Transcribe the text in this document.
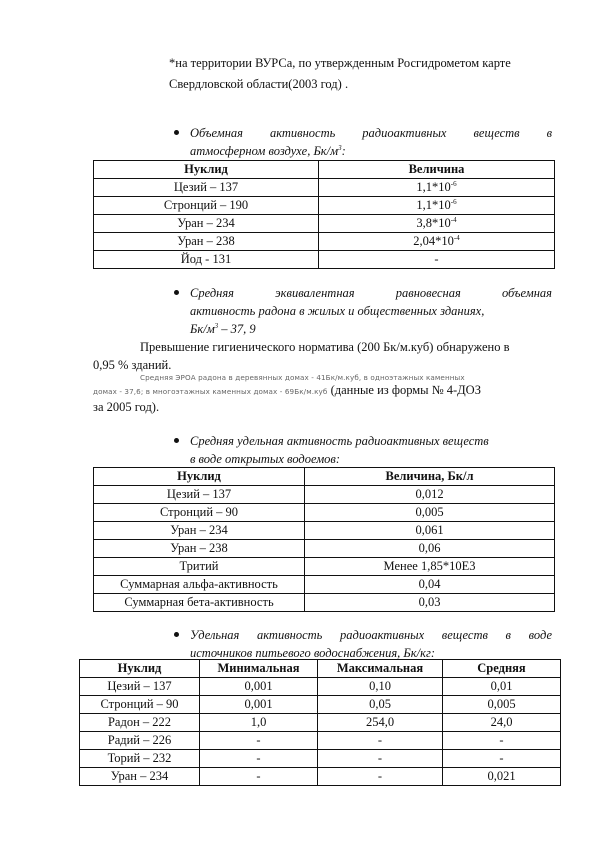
*на территории ВУРСа, по утвержденным Росгидрометом карте
Свердловской области(2003 год) .
Объемная активность радиоактивных веществ в
атмосферном воздухе, $Бк/м^3$:
Нуклид	Величина
Цезий – 137	$1,1*10^{-6}$
Стронций – 190	$1,1*10^{-6}$
Уран – 234	$3,8*10^{-4}$
Уран – 238	$2,04*10^{-4}$
Йод - 131	-
Средняя	эквивалентная	равновесная	объемная
активность радона в жилых и общественных зданиях,
$Бк/м^3 - 37$, 9
Превышение гигиенического норматива (200 Бк/м.куб) обнаружено в
0,95 % зданий.
Средняя ЭРОА радона в деревянных домах - 41Бк/м.куб, в одноэтажных каменных
домах - 37,6; в многоэтажных каменных домах - 69Бк/м.куб (данные из формы № 4-ДОЗ
за 2005 год).
Средняя удельная активность радиоактивных веществ
в воде открытых водоемов:
Нуклид	Величина, Бк/л
Цезий – 137	0,012
Стронций – 90	0,005
Уран – 234	0,061
Уран – 238	0,06
Тритий	Менее 1,85*10Е3
Суммарная альфа-активность	0,04
Суммарная бета-активность	0,03
Удельная активность радиоактивных веществ в воде
источников питьевого водоснабжения, Бк/кг:
Нуклид	Минимальная	Максимальная	Средняя
Цезий – 137	0,001	0,10	0,01
Стронций – 90	0,001	0,05	0,005
Радон – 222	1,0	254,0	24,0
Радий – 226	-	-	-
Торий – 232	-	-	-
Уран – 234	-	-	0,021
